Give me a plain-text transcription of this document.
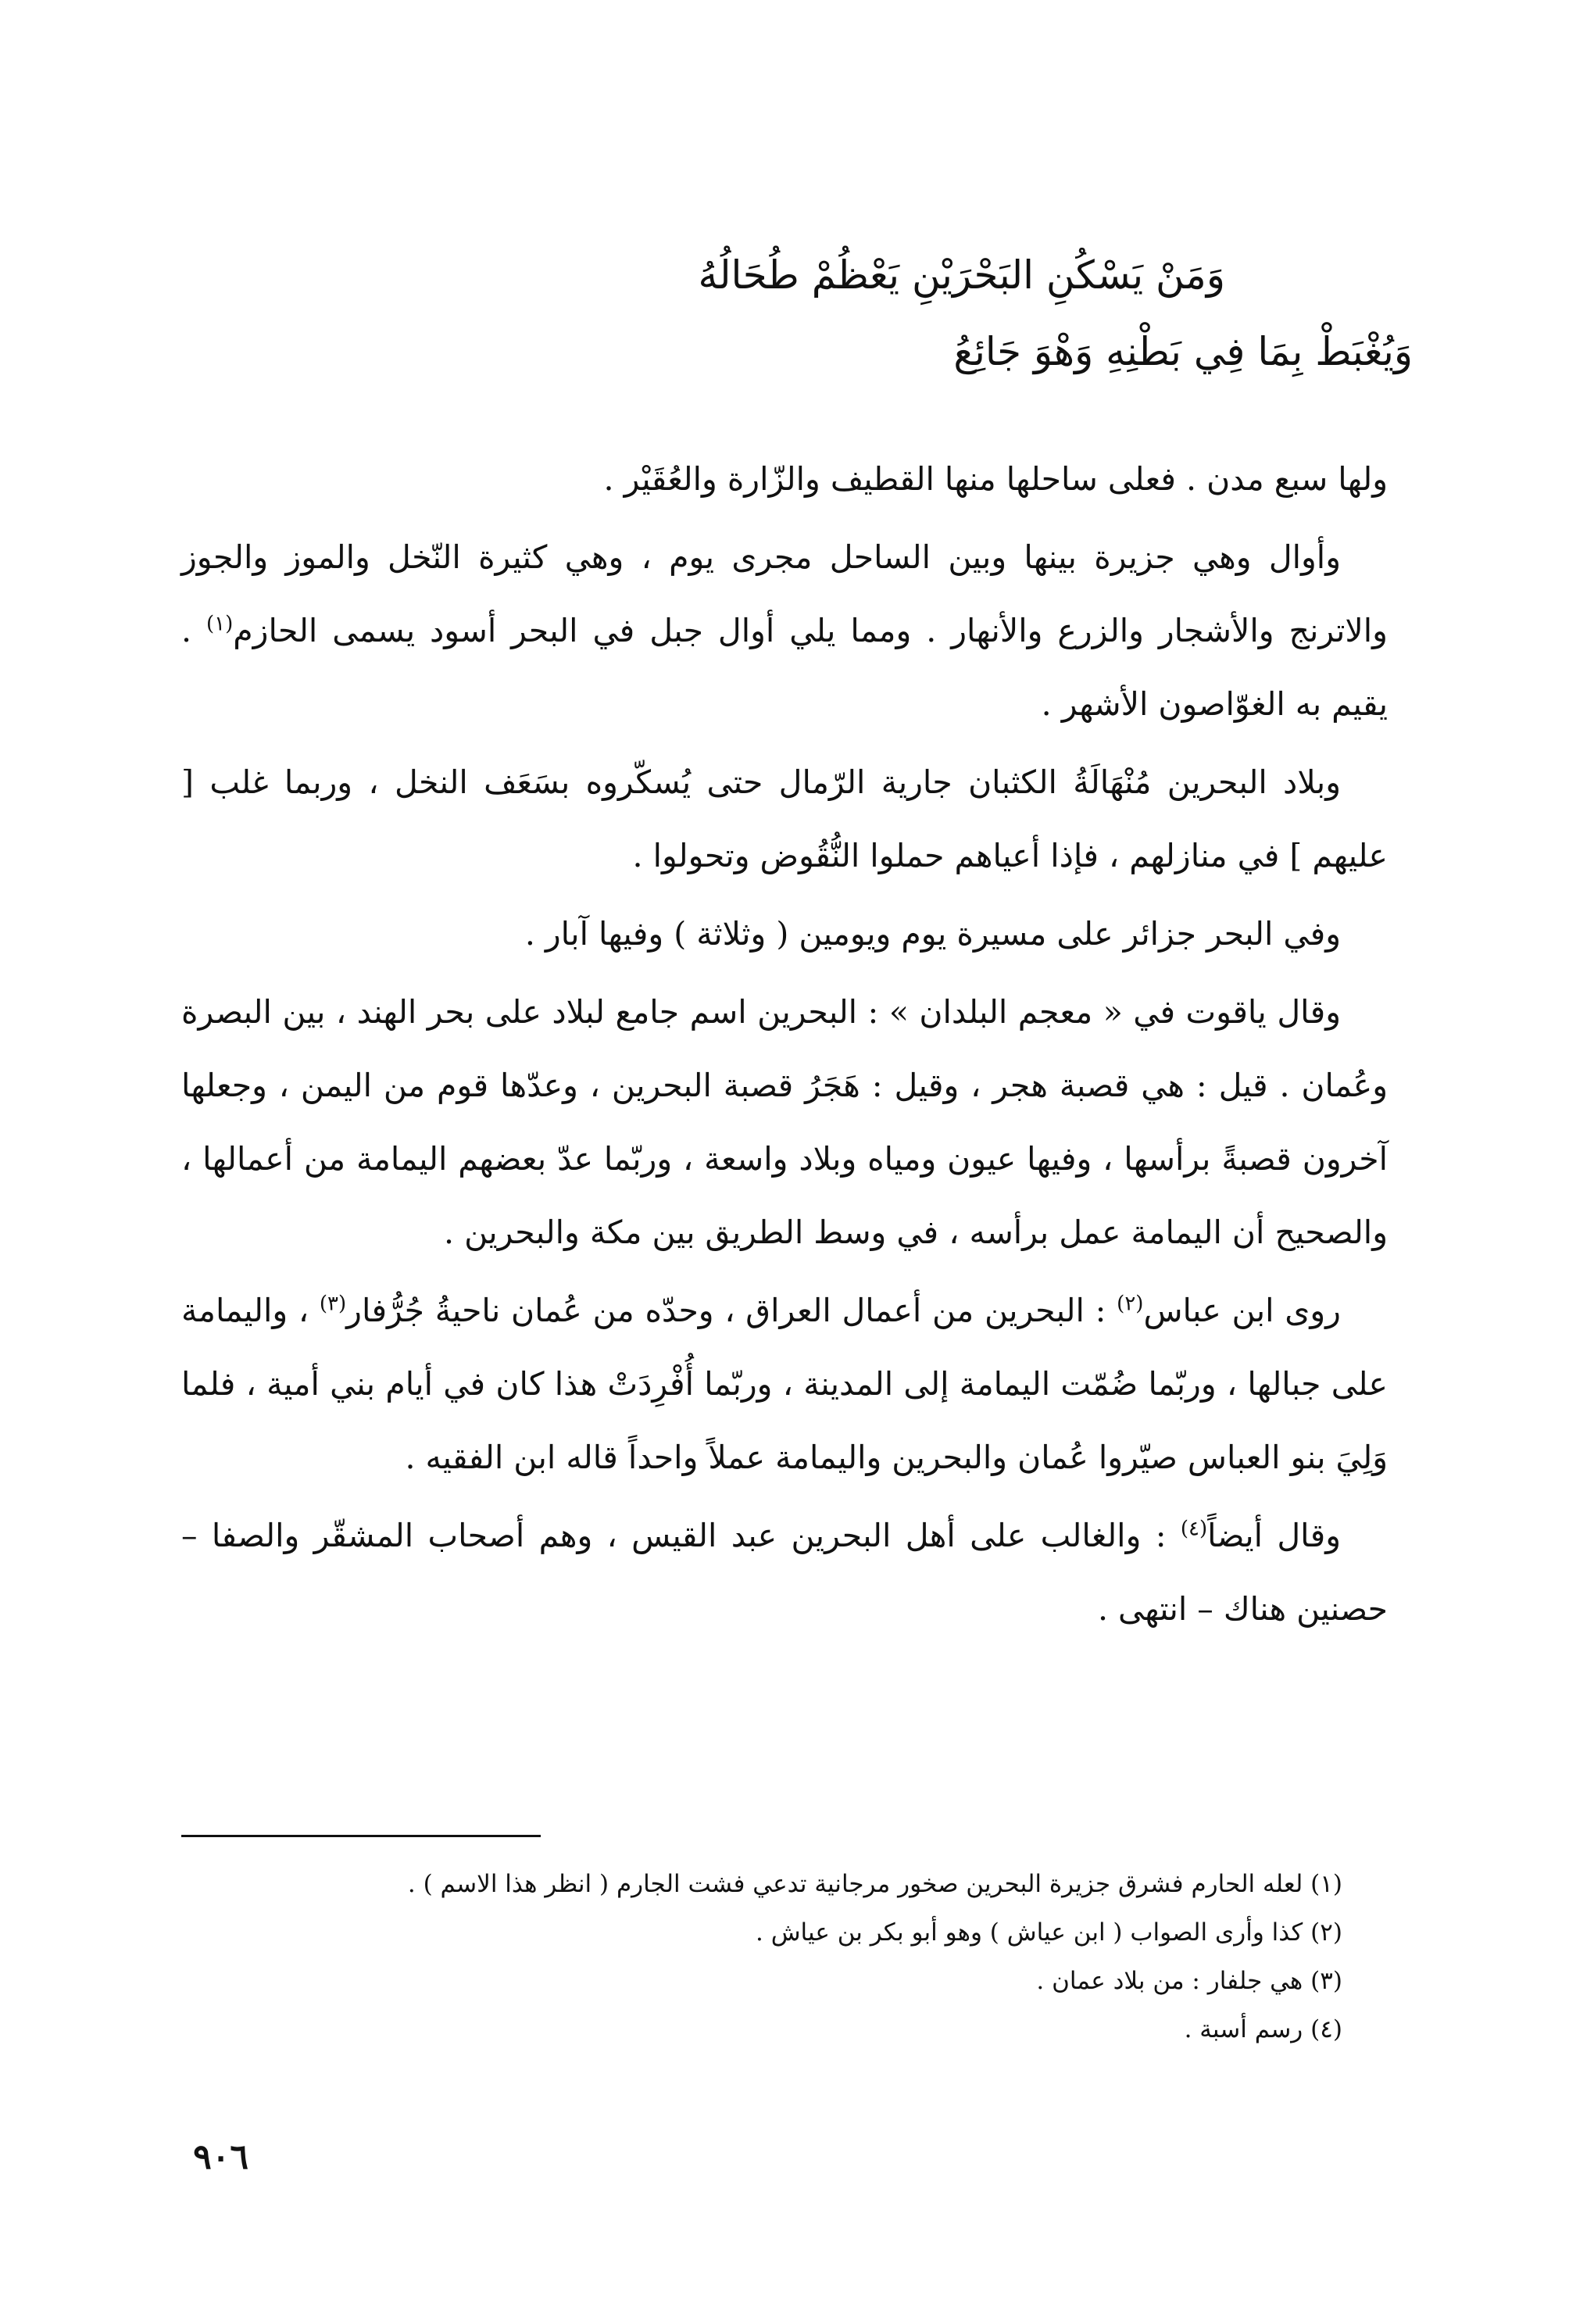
وَمَنْ يَسْكُنِ البَحْرَيْنِ يَعْظُمْ طُحَالُهُ
وَيُغْبَطْ بِمَا فِي بَطْنِهِ وَهْوَ جَائِعُ

ولها سبع مدن . فعلى ساحلها منها القطيف والزّارة والعُقَيْر .

وأوال وهي جزيرة بينها وبين الساحل مجرى يوم ، وهي كثيرة النّخل والموز والجوز والاترنج والأشجار والزرع والأنهار . ومما يلي أوال جبل في البحر أسود يسمى الحازم$^{(١)}$ . يقيم به الغوّاصون الأشهر .

وبلاد البحرين مُنْهَالَةُ الكثبان جارية الرّمال حتى يُسكّروه بسَعَف النخل ، وربما غلب [ عليهم ] في منازلهم ، فإذا أعياهم حملوا النُّقُوض وتحولوا .

وفي البحر جزائر على مسيرة يوم ويومين ( وثلاثة ) وفيها آبار .

وقال ياقوت في « معجم البلدان » : البحرين اسم جامع لبلاد على بحر الهند ، بين البصرة وعُمان . قيل : هي قصبة هجر ، وقيل : هَجَرُ قصبة البحرين ، وعدّها قوم من اليمن ، وجعلها آخرون قصبةً برأسها ، وفيها عيون ومياه وبلاد واسعة ، وربّما عدّ بعضهم اليمامة من أعمالها ، والصحيح أن اليمامة عمل برأسه ، في وسط الطريق بين مكة والبحرين .

روى ابن عباس$^{(٢)}$ : البحرين من أعمال العراق ، وحدّه من عُمان ناحيةُ جُرُّفار$^{(٣)}$ ، واليمامة على جبالها ، وربّما ضُمّت اليمامة إلى المدينة ، وربّما أُفْرِدَتْ هذا كان في أيام بني أمية ، فلما وَلِيَ بنو العباس صيّروا عُمان والبحرين واليمامة عملاً واحداً قاله ابن الفقيه .

وقال أيضاً$^{(٤)}$ : والغالب على أهل البحرين عبد القيس ، وهم أصحاب المشقّر والصفا – حصنين هناك – انتهى .

(١) لعله الحارم فشرق جزيرة البحرين صخور مرجانية تدعي فشت الجارم ( انظر هذا الاسم ) .

(٢) كذا وأرى الصواب ( ابن عياش ) وهو أبو بكر بن عياش .

(٣) هي جلفار : من بلاد عمان .

(٤) رسم أسبة .

٩٠٦
